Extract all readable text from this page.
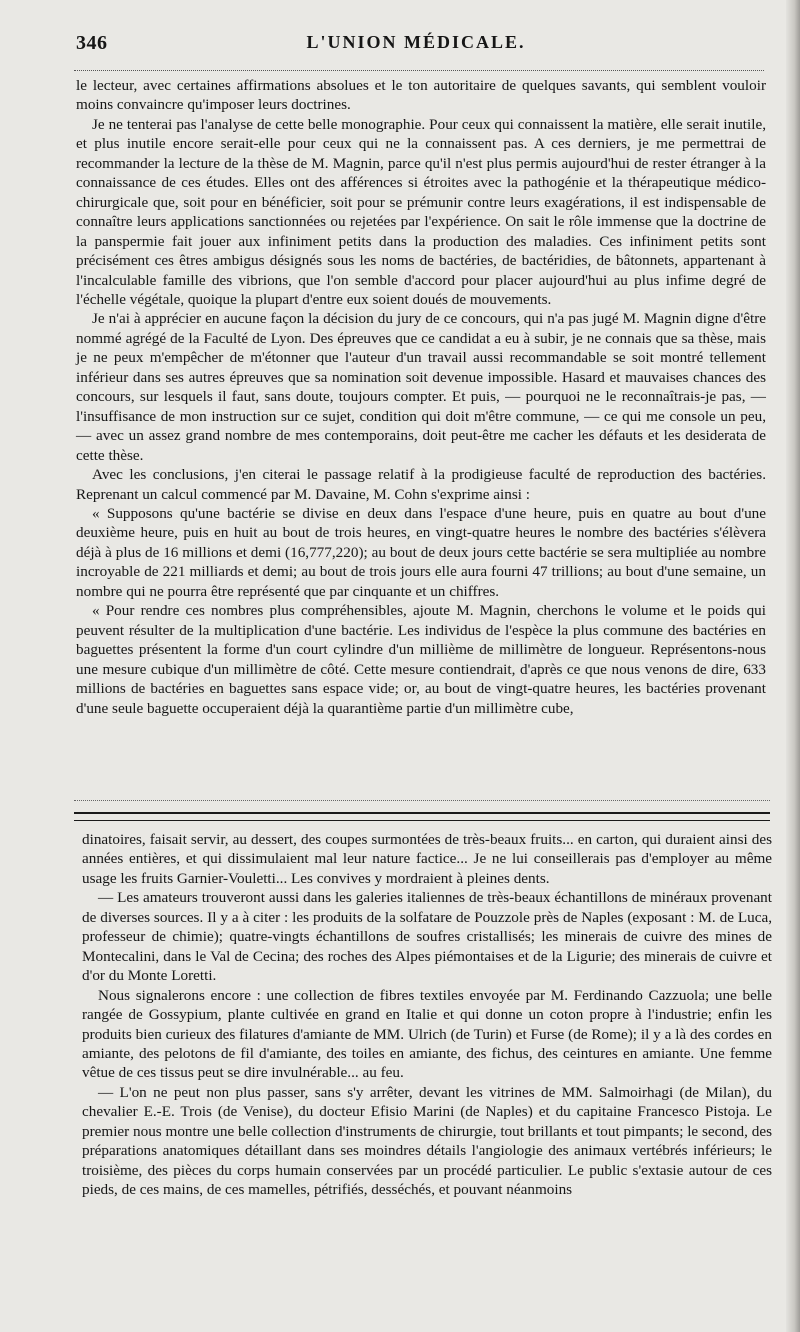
346	L'UNION MÉDICALE.

le lecteur, avec certaines affirmations absolues et le ton autoritaire de quelques savants, qui semblent vouloir moins convaincre qu'imposer leurs doctrines.

Je ne tenterai pas l'analyse de cette belle monographie. Pour ceux qui connaissent la matière, elle serait inutile, et plus inutile encore serait-elle pour ceux qui ne la connaissent pas. A ces derniers, je me permettrai de recommander la lecture de la thèse de M. Magnin, parce qu'il n'est plus permis aujourd'hui de rester étranger à la connaissance de ces études. Elles ont des afférences si étroites avec la pathogénie et la thérapeutique médico-chirurgicale que, soit pour en bénéficier, soit pour se prémunir contre leurs exagérations, il est indispensable de connaître leurs applications sanctionnées ou rejetées par l'expérience. On sait le rôle immense que la doctrine de la panspermie fait jouer aux infiniment petits dans la production des maladies. Ces infiniment petits sont précisément ces êtres ambigus désignés sous les noms de bactéries, de bactéridies, de bâtonnets, appartenant à l'incalculable famille des vibrions, que l'on semble d'accord pour placer aujourd'hui au plus infime degré de l'échelle végétale, quoique la plupart d'entre eux soient doués de mouvements.

Je n'ai à apprécier en aucune façon la décision du jury de ce concours, qui n'a pas jugé M. Magnin digne d'être nommé agrégé de la Faculté de Lyon. Des épreuves que ce candidat a eu à subir, je ne connais que sa thèse, mais je ne peux m'empêcher de m'étonner que l'auteur d'un travail aussi recommandable se soit montré tellement inférieur dans ses autres épreuves que sa nomination soit devenue impossible. Hasard et mauvaises chances des concours, sur lesquels il faut, sans doute, toujours compter. Et puis, — pourquoi ne le reconnaîtrais-je pas, — l'insuffisance de mon instruction sur ce sujet, condition qui doit m'être commune, — ce qui me console un peu, — avec un assez grand nombre de mes contemporains, doit peut-être me cacher les défauts et les desiderata de cette thèse.

Avec les conclusions, j'en citerai le passage relatif à la prodigieuse faculté de reproduction des bactéries. Reprenant un calcul commencé par M. Davaine, M. Cohn s'exprime ainsi :

« Supposons qu'une bactérie se divise en deux dans l'espace d'une heure, puis en quatre au bout d'une deuxième heure, puis en huit au bout de trois heures, en vingt-quatre heures le nombre des bactéries s'élèvera déjà à plus de 16 millions et demi (16,777,220); au bout de deux jours cette bactérie se sera multipliée au nombre incroyable de 221 milliards et demi; au bout de trois jours elle aura fourni 47 trillions; au bout d'une semaine, un nombre qui ne pourra être représenté que par cinquante et un chiffres.

« Pour rendre ces nombres plus compréhensibles, ajoute M. Magnin, cherchons le volume et le poids qui peuvent résulter de la multiplication d'une bactérie. Les individus de l'espèce la plus commune des bactéries en baguettes présentent la forme d'un court cylindre d'un millième de millimètre de longueur. Représentons-nous une mesure cubique d'un millimètre de côté. Cette mesure contiendrait, d'après ce que nous venons de dire, 633 millions de bactéries en baguettes sans espace vide; or, au bout de vingt-quatre heures, les bactéries provenant d'une seule baguette occuperaient déjà la quarantième partie d'un millimètre cube,

dinatoires, faisait servir, au dessert, des coupes surmontées de très-beaux fruits... en carton, qui duraient ainsi des années entières, et qui dissimulaient mal leur nature factice... Je ne lui conseillerais pas d'employer au même usage les fruits Garnier-Vouletti... Les convives y mordraient à pleines dents.

— Les amateurs trouveront aussi dans les galeries italiennes de très-beaux échantillons de minéraux provenant de diverses sources. Il y a à citer : les produits de la solfatare de Pouzzole près de Naples (exposant : M. de Luca, professeur de chimie); quatre-vingts échantillons de soufres cristallisés; les minerais de cuivre des mines de Montecalini, dans le Val de Cecina; des roches des Alpes piémontaises et de la Ligurie; des minerais de cuivre et d'or du Monte Loretti.

Nous signalerons encore : une collection de fibres textiles envoyée par M. Ferdinando Cazzuola; une belle rangée de Gossypium, plante cultivée en grand en Italie et qui donne un coton propre à l'industrie; enfin les produits bien curieux des filatures d'amiante de MM. Ulrich (de Turin) et Furse (de Rome); il y a là des cordes en amiante, des pelotons de fil d'amiante, des toiles en amiante, des fichus, des ceintures en amiante. Une femme vêtue de ces tissus peut se dire invulnérable... au feu.

— L'on ne peut non plus passer, sans s'y arrêter, devant les vitrines de MM. Salmoirhagi (de Milan), du chevalier E.-E. Trois (de Venise), du docteur Efisio Marini (de Naples) et du capitaine Francesco Pistoja. Le premier nous montre une belle collection d'instruments de chirurgie, tout brillants et tout pimpants; le second, des préparations anatomiques détaillant dans ses moindres détails l'angiologie des animaux vertébrés inférieurs; le troisième, des pièces du corps humain conservées par un procédé particulier. Le public s'extasie autour de ces pieds, de ces mains, de ces mamelles, pétrifiés, desséchés, et pouvant néanmoins
